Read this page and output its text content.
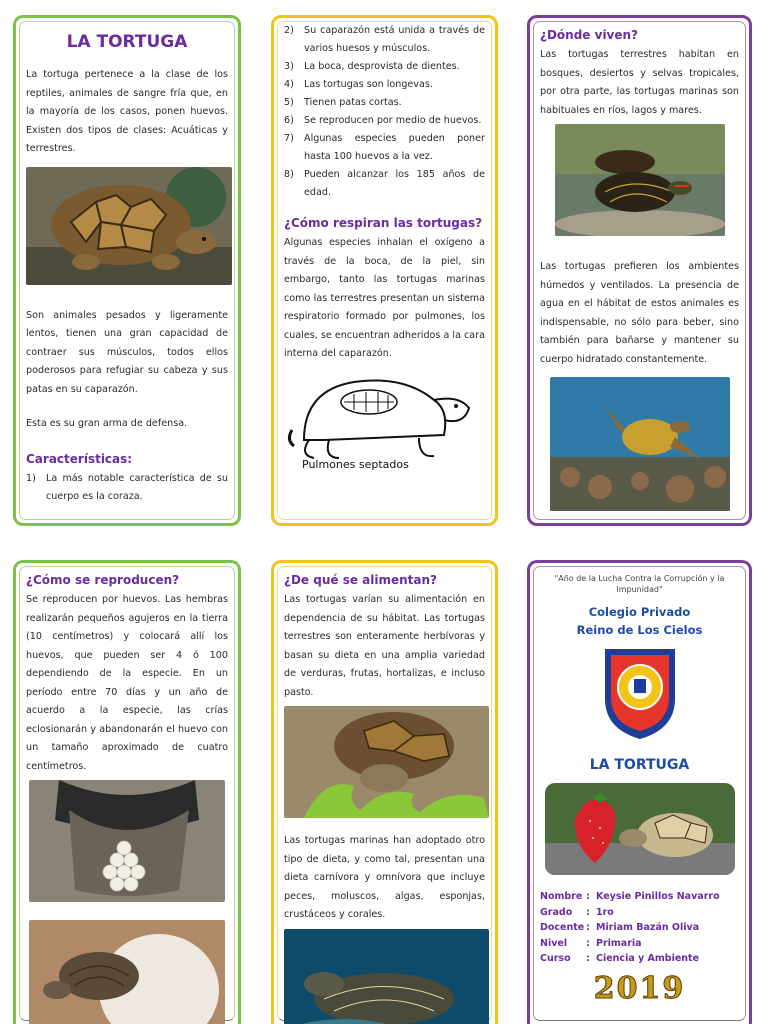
LA TORTUGA

La tortuga pertenece a la clase de los reptiles, animales de sangre fría que, en la mayoría de los casos, ponen huevos. Existen dos tipos de clases: Acuáticas y terrestres.

Son animales pesados y ligeramente lentos, tienen una gran capacidad de contraer sus músculos, todos ellos poderosos para refugiar su cabeza y sus patas en su caparazón.

Esta es su gran arma de defensa.

Características:
1)	La más notable característica de su cuerpo es la coraza.
2)	Su caparazón está unida a través de varios huesos y músculos.
3)	La boca, desprovista de dientes.
4)	Las tortugas son longevas.
5)	Tienen patas cortas.
6)	Se reproducen por medio de huevos.
7)	Algunas especies pueden poner hasta 100 huevos a la vez.
8)	Pueden alcanzar los 185 años de edad.
¿Cómo respiran las tortugas?

Algunas especies inhalan el oxígeno a través de la boca, de la piel, sin embargo, tanto las tortugas marinas como las terrestres presentan un sistema respiratorio formado por pulmones, los cuales, se encuentran adheridos a la cara interna del caparazón.

Pulmones septados
¿Dónde viven?

Las tortugas terrestres habitan en bosques, desiertos y selvas tropicales, por otra parte, las tortugas marinas son habituales en ríos, lagos y mares.

Las tortugas prefieren los ambientes húmedos y ventilados. La presencia de agua en el hábitat de estos animales es indispensable, no sólo para beber, sino también para bañarse y mantener su cuerpo hidratado constantemente.

¿Cómo se reproducen?

Se reproducen por huevos. Las hembras realizarán pequeños agujeros en la tierra (10 centímetros) y colocará allí los huevos, que pueden ser 4 ó 100 dependiendo de la especie. En un período entre 70 días y un año de acuerdo a la especie, las crías eclosionarán y abandonarán el huevo con un tamaño aproximado de cuatro centímetros.

¿De qué se alimentan?

Las tortugas varían su alimentación en dependencia de su hábitat. Las tortugas terrestres son enteramente herbívoras y basan su dieta en una amplia variedad de verduras, frutas, hortalizas, e incluso pasto.

Las tortugas marinas han adoptado otro tipo de dieta, y como tal, presentan una dieta carnívora y omnívora que incluye peces, moluscos, algas, esponjas, crustáceos y corales.

"Año de la Lucha Contra la Corrupción y la Impunidad"
Colegio Privado
Reino de Los Cielos
LA TORTUGA
Nombre : Keysie Pinillos Navarro
Grado	: 1ro
Docente : Miriam Bazán Oliva
Nivel	: Primaria
Curso	: Ciencia y Ambiente
2019
